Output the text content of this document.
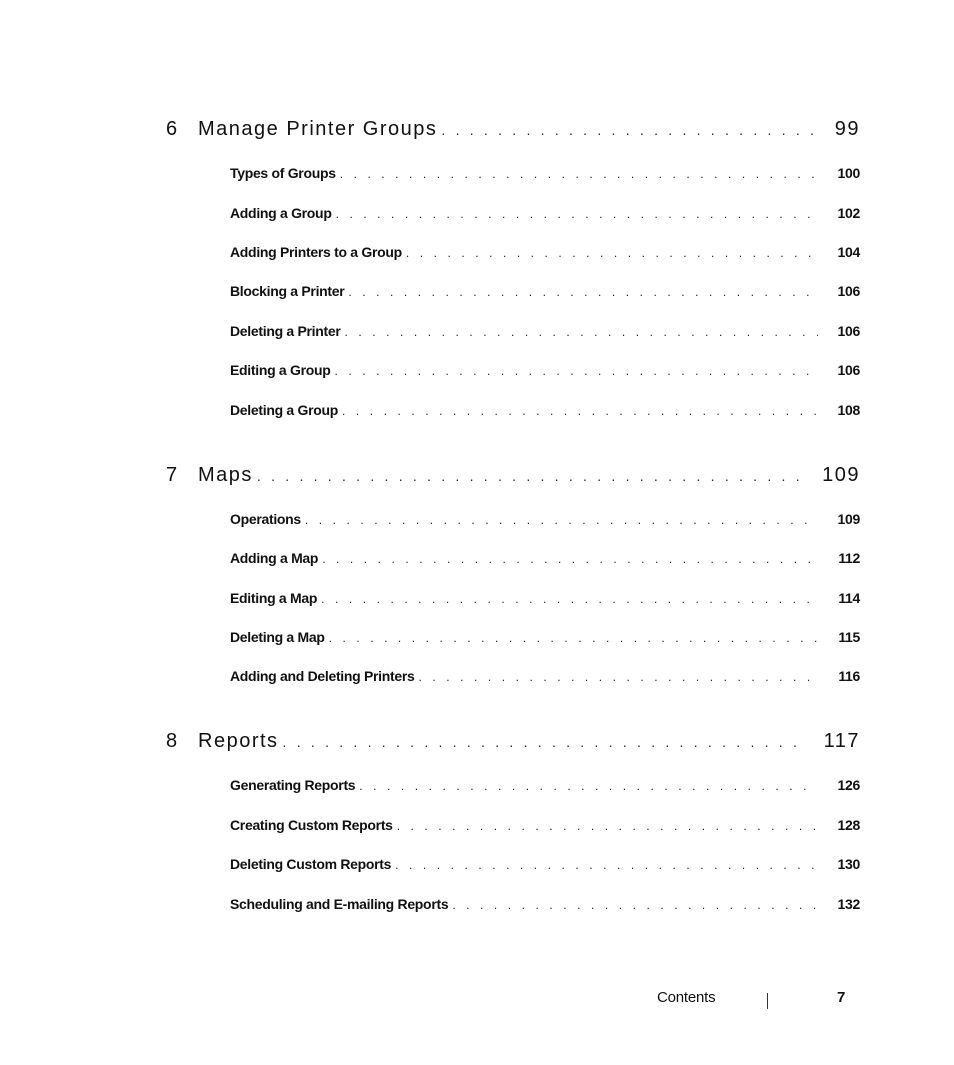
6 Manage Printer Groups . . .	99
Types of Groups . . .	100
Adding a Group . . .	102
Adding Printers to a Group . . .	104
Blocking a Printer . . .	106
Deleting a Printer . . .	106
Editing a Group . . .	106
Deleting a Group . . .	108
7 Maps . . .	109
Operations . . .	109
Adding a Map . . .	112
Editing a Map . . .	114
Deleting a Map . . .	115
Adding and Deleting Printers . . .	116
8 Reports . . .	117
Generating Reports . . .	126
Creating Custom Reports . . .	128
Deleting Custom Reports . . .	130
Scheduling and E-mailing Reports . . .	132
Contents	7
